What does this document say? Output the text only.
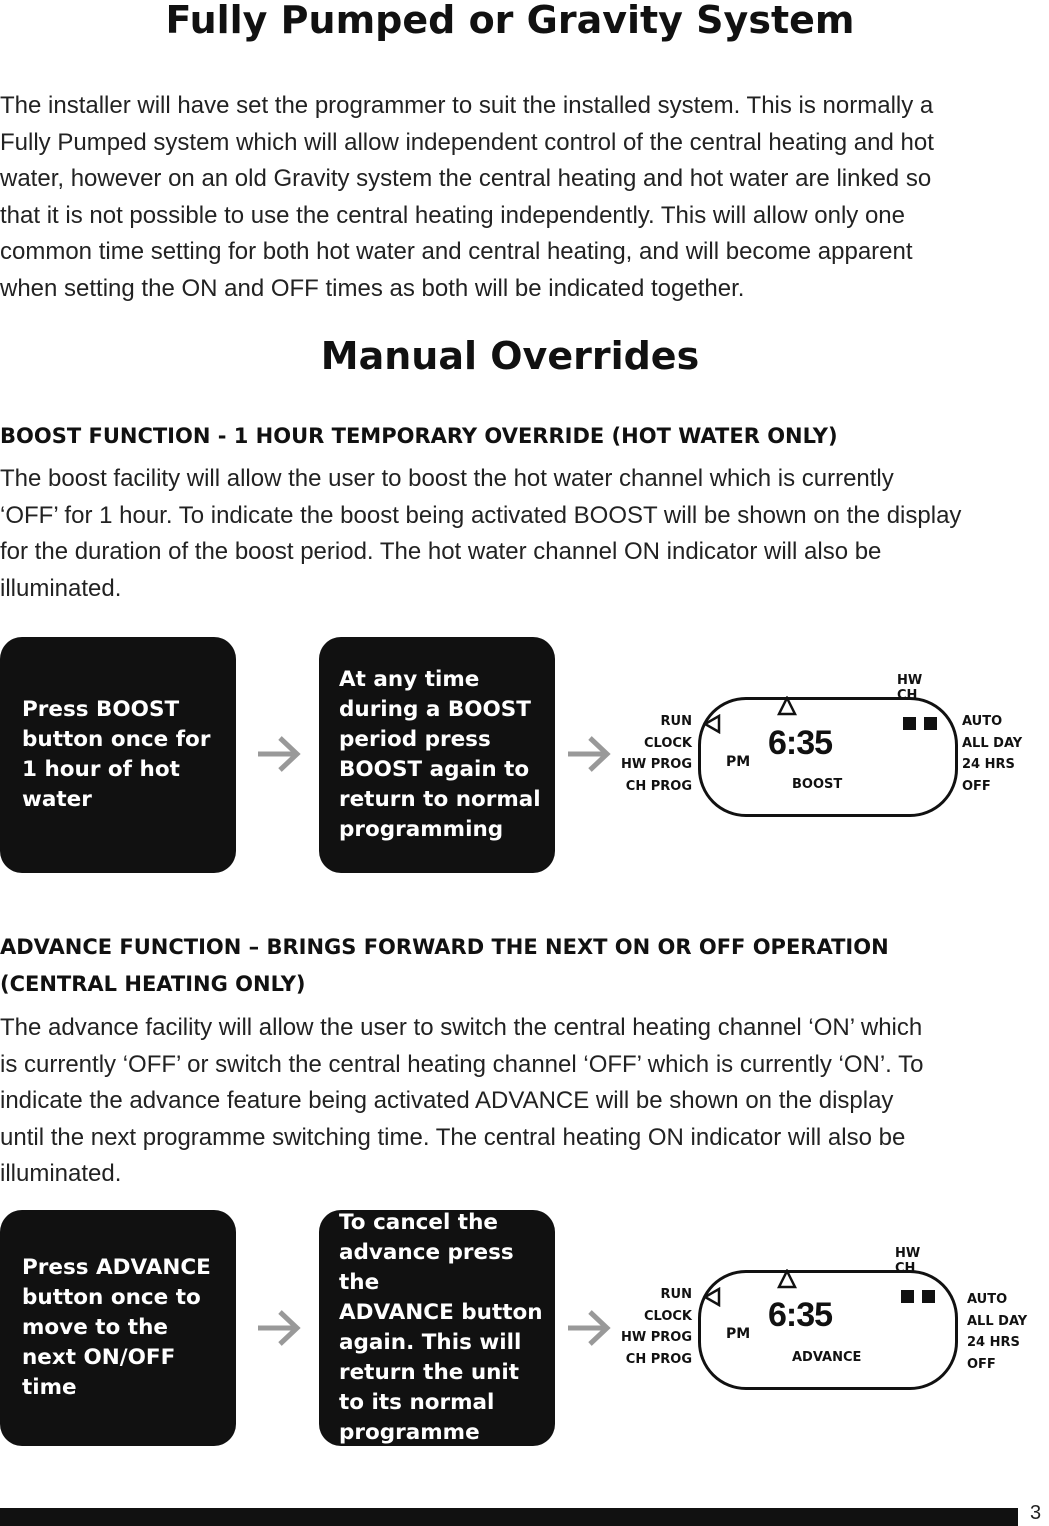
Fully Pumped or Gravity System
The installer will have set the programmer to suit the installed system. This is normally a
Fully Pumped system which will allow independent control of the central heating and hot
water, however on an old Gravity system the central heating and hot water are linked so
that it is not possible to use the central heating independently. This will allow only one
common time setting for both hot water and central heating, and will become apparent
when setting the ON and OFF times as both will be indicated together.
Manual Overrides
BOOST FUNCTION - 1 HOUR TEMPORARY OVERRIDE (HOT WATER ONLY)
The boost facility will allow the user to boost the hot water channel which is currently
‘OFF’ for 1 hour. To indicate the boost being activated BOOST will be shown on the display
for the duration of the boost period. The hot water channel ON indicator will also be
illuminated.
Press BOOST
button once for
1 hour of hot
water
At any time
during a BOOST
period press
BOOST again to
return to normal
programming
HW CH
RUN
CLOCK
HW PROG
CH PROG
6:35
PM
BOOST
AUTO
ALL DAY
24 HRS
OFF
ADVANCE FUNCTION – BRINGS FORWARD THE NEXT ON OR OFF OPERATION
(CENTRAL HEATING ONLY)
The advance facility will allow the user to switch the central heating channel ‘ON’ which
is currently ‘OFF’ or switch the central heating channel ‘OFF’ which is currently ‘ON’. To
indicate the advance feature being activated ADVANCE will be shown on the display
until the next programme switching time. The central heating ON indicator will also be
illuminated.
Press ADVANCE
button once to
move to the
next ON/OFF
time
To cancel the
advance press the
ADVANCE button
again. This will
return the unit
to its normal
programme
HW CH
RUN
CLOCK
HW PROG
CH PROG
6:35
PM
ADVANCE
AUTO
ALL DAY
24 HRS
OFF
3
